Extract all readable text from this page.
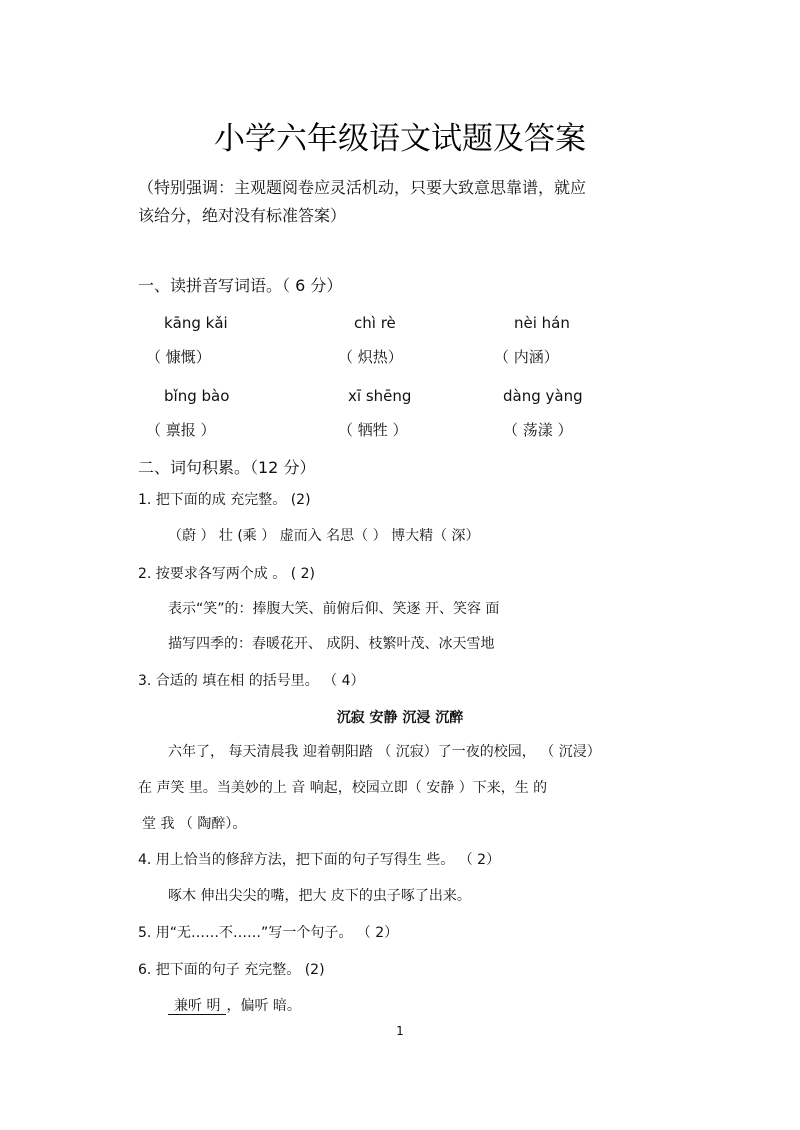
小学六年级语文试题及答案
（特别强调：主观题阅卷应灵活机动，只要大致意思靠谱，就应
该给分，绝对没有标准答案）
一、读拼音写词语。（ 6 分）
kāng kǎi	chì rè	nèi hán
（ 慷慨）	（ 炽热）	（ 内涵）
bǐng bào	xī shēng	dàng yàng
（ 禀报 ）	（ 牺牲 ）	（ 荡漾 ）
二、词句积累。（12 分）
1. 把下面的成 充完整。 (2)
（蔚 ） 壮 (乘 ） 虚而入 名思（ ） 博大精（ 深）
2. 按要求各写两个成 。 ( 2)
表示“笑”的：捧腹大笑、前俯后仰、笑逐 开、笑容 面
描写四季的：春暖花开、 成阴、枝繁叶茂、冰天雪地
3. 合适的 填在相 的括号里。 （ 4）
沉寂 安静 沉浸 沉醉
六年了， 每天清晨我 迎着朝阳踏 （ 沉寂）了一夜的校园， （ 沉浸）
在 声笑 里。当美妙的上 音 响起，校园立即（ 安静 ）下来，生 的
堂 我 （ 陶醉）。
4. 用上恰当的修辞方法，把下面的句子写得生 些。 （ 2）
啄木 伸出尖尖的嘴，把大 皮下的虫子啄了出来。
5. 用“无……不……”写一个句子。 （ 2）
6. 把下面的句子 充完整。 (2)
兼听 明 ，偏听 暗。
1
